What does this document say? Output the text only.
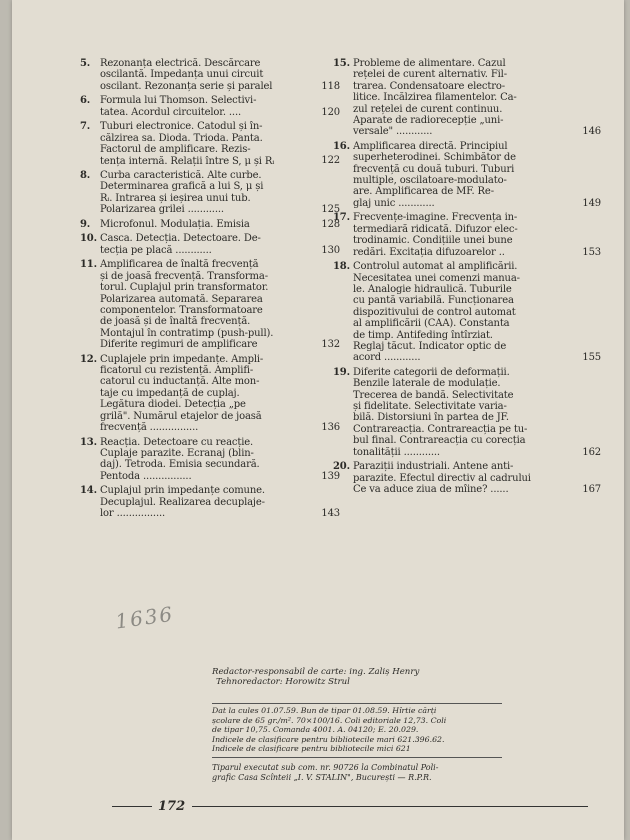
5. Rezonanța electrică. Descărcare
oscilantă. Impedanța unui circuit
oscilant. Rezonanța serie și paralel	118
6. Formula lui Thomson. Selectivi-
tatea. Acordul circuitelor. ....	120
7. Tuburi electronice. Catodul și în-
călzirea sa. Dioda. Trioda. Panta.
Factorul de amplificare. Rezis-
tența internă. Relații între S, μ și Rᵢ	122
8. Curba caracteristică. Alte curbe.
Determinarea grafică a lui S, μ și
Rᵢ. Intrarea și ieșirea unui tub.
Polarizarea grilei ............	125
9. Microfonul. Modulația. Emisia	128
10. Casca. Detecția. Detectoare. De-
tecția pe placă ............	130
11. Amplificarea de înaltă frecvență
și de joasă frecvență. Transforma-
torul. Cuplajul prin transformator.
Polarizarea automată. Separarea
componentelor. Transformatoare
de joasă și de înaltă frecvență.
Montajul în contratimp (push-pull).
Diferite regimuri de amplificare	132
12. Cuplajele prin impedanțe. Ampli-
ficatorul cu rezistență. Amplifi-
catorul cu inductanță. Alte mon-
taje cu impedanță de cuplaj.
Legătura diodei. Detecția „pe
grilă". Numărul etajelor de joasă
frecvență ................	136
13. Reacția. Detectoare cu reacție.
Cuplaje parazite. Ecranaj (blin-
daj). Tetroda. Emisia secundară.
Pentoda ................	139
14. Cuplajul prin impedanțe comune.
Decuplajul. Realizarea decuplaje-
lor ................	143
15. Probleme de alimentare. Cazul
rețelei de curent alternativ. Fil-
trarea. Condensatoare electro-
litice. Încălzirea filamentelor. Ca-
zul rețelei de curent continuu.
Aparate de radiorecepție „uni-
versale" ............	146
16. Amplificarea directă. Principiul
superheterodinei. Schimbător de
frecvență cu două tuburi. Tuburi
multiple, oscilatoare-modulato-
are. Amplificarea de MF. Re-
glaj unic ............	149
17. Frecvențe-imagine. Frecvența in-
termediară ridicată. Difuzor elec-
trodinamic. Condițiile unei bune
redări. Excitația difuzoarelor ..	153
18. Controlul automat al amplificării.
Necesitatea unei comenzi manua-
le. Analogie hidraulică. Tuburile
cu pantă variabilă. Funcționarea
dispozitivului de control automat
al amplificării (CAA). Constanta
de timp. Antifeding întîrziat.
Reglaj tăcut. Indicator optic de
acord ............	155
19. Diferite categorii de deformații.
Benzile laterale de modulație.
Trecerea de bandă. Selectivitate
și fidelitate. Selectivitate varia-
bilă. Distorsiuni în partea de JF.
Contrareacția. Contrareacția pe tu-
bul final. Contrareacția cu corecția
tonalității ............	162
20. Paraziții industriali. Antene anti-
parazite. Efectul directiv al cadrului
Ce va aduce ziua de mîine? ......	167
1636
Redactor-responsabil de carte: ing. Zaliș Henry
Tehnoredactor: Horowitz Strul
Dat la cules 01.07.59. Bun de tipar 01.08.59. Hîrtie cărți
școlare de 65 gr./m². 70×100/16. Coli editoriale 12,73. Coli
de tipar 10,75. Comanda 4001. A. 04120; E. 20.029.
Indicele de clasificare pentru bibliotecile mari 621.396.62.
Indicele de clasificare pentru bibliotecile mici 621
Tiparul executat sub com. nr. 90726 la Combinatul Poli-
grafic Casa Scînteii „I. V. STALIN", București — R.P.R.
172
